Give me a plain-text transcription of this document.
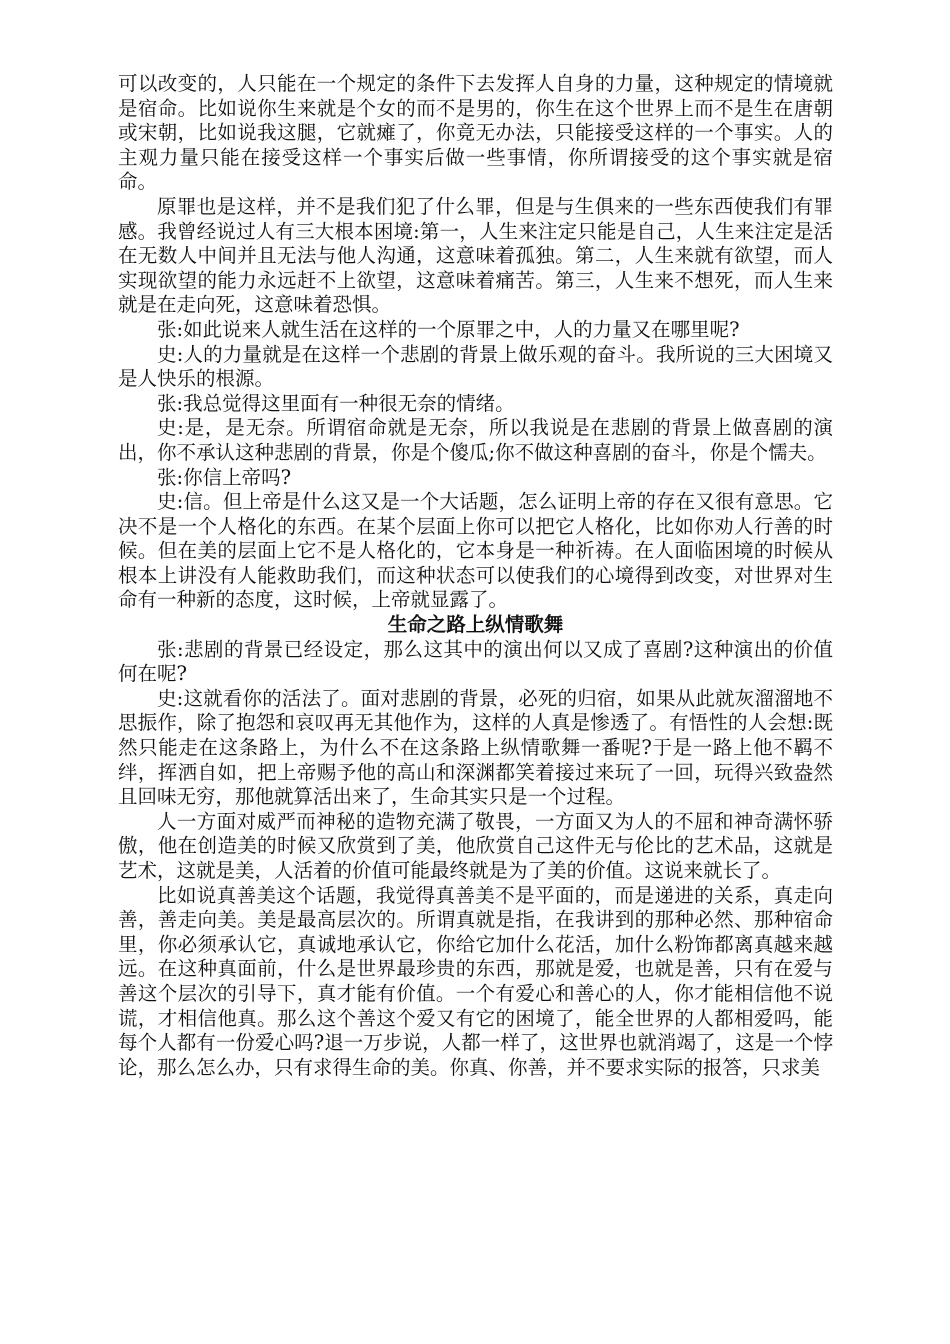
可以改变的，人只能在一个规定的条件下去发挥人自身的力量，这种规定的情境就是宿命。比如说你生来就是个女的而不是男的，你生在这个世界上而不是生在唐朝或宋朝，比如说我这腿，它就瘫了，你竟无办法，只能接受这样的一个事实。人的主观力量只能在接受这样一个事实后做一些事情，你所谓接受的这个事实就是宿命。

原罪也是这样，并不是我们犯了什么罪，但是与生俱来的一些东西使我们有罪感。我曾经说过人有三大根本困境:第一，人生来注定只能是自己，人生来注定是活在无数人中间并且无法与他人沟通，这意味着孤独。第二，人生来就有欲望，而人实现欲望的能力永远赶不上欲望，这意味着痛苦。第三，人生来不想死，而人生来就是在走向死，这意味着恐惧。

张:如此说来人就生活在这样的一个原罪之中，人的力量又在哪里呢?

史:人的力量就是在这样一个悲剧的背景上做乐观的奋斗。我所说的三大困境又是人快乐的根源。

张:我总觉得这里面有一种很无奈的情绪。

史:是，是无奈。所谓宿命就是无奈，所以我说是在悲剧的背景上做喜剧的演出，你不承认这种悲剧的背景，你是个傻瓜;你不做这种喜剧的奋斗，你是个懦夫。

张:你信上帝吗?

史:信。但上帝是什么这又是一个大话题，怎么证明上帝的存在又很有意思。它决不是一个人格化的东西。在某个层面上你可以把它人格化，比如你劝人行善的时候。但在美的层面上它不是人格化的，它本身是一种祈祷。在人面临困境的时候从根本上讲没有人能救助我们，而这种状态可以使我们的心境得到改变，对世界对生命有一种新的态度，这时候，上帝就显露了。

生命之路上纵情歌舞

张:悲剧的背景已经设定，那么这其中的演出何以又成了喜剧?这种演出的价值何在呢?

史:这就看你的活法了。面对悲剧的背景，必死的归宿，如果从此就灰溜溜地不思振作，除了抱怨和哀叹再无其他作为，这样的人真是惨透了。有悟性的人会想:既然只能走在这条路上，为什么不在这条路上纵情歌舞一番呢?于是一路上他不羁不绊，挥洒自如，把上帝赐予他的高山和深渊都笑着接过来玩了一回，玩得兴致盎然且回味无穷，那他就算活出来了，生命其实只是一个过程。

人一方面对威严而神秘的造物充满了敬畏，一方面又为人的不屈和神奇满怀骄傲，他在创造美的时候又欣赏到了美，他欣赏自己这件无与伦比的艺术品，这就是艺术，这就是美，人活着的价值可能最终就是为了美的价值。这说来就长了。

比如说真善美这个话题，我觉得真善美不是平面的，而是递进的关系，真走向善，善走向美。美是最高层次的。所谓真就是指，在我讲到的那种必然、那种宿命里，你必须承认它，真诚地承认它，你给它加什么花活，加什么粉饰都离真越来越远。在这种真面前，什么是世界最珍贵的东西，那就是爱，也就是善，只有在爱与善这个层次的引导下，真才能有价值。一个有爱心和善心的人，你才能相信他不说谎，才相信他真。那么这个善这个爱又有它的困境了，能全世界的人都相爱吗，能每个人都有一份爱心吗?退一万步说，人都一样了，这世界也就消竭了，这是一个悖论，那么怎么办，只有求得生命的美。你真、你善，并不要求实际的报答，只求美
